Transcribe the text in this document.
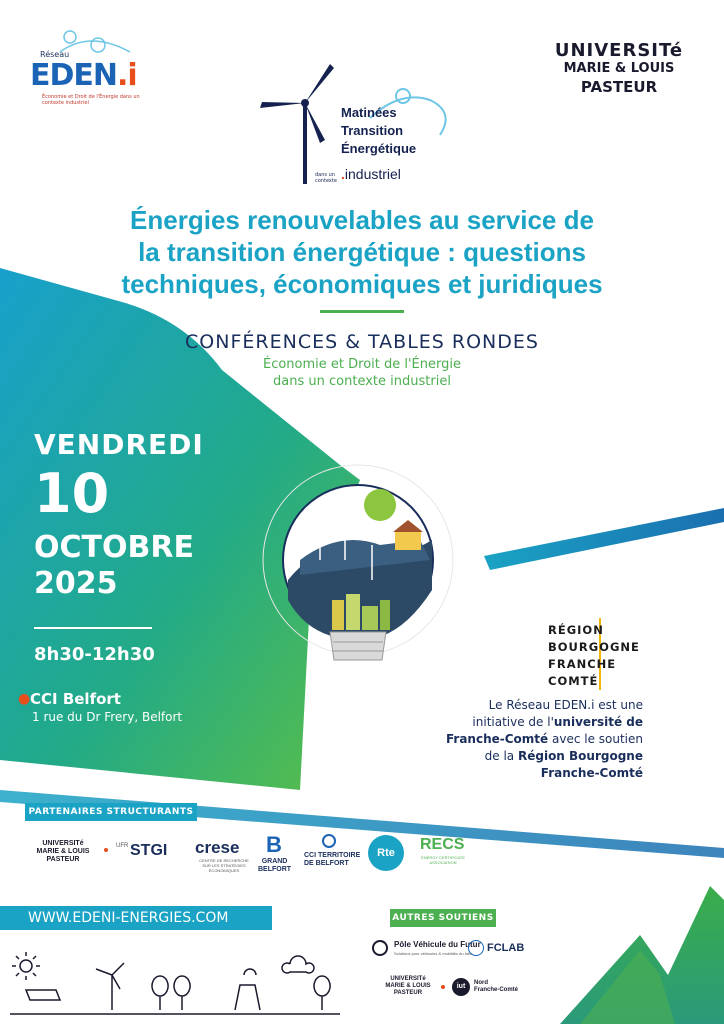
Réseau
EDEN.i
Économie et Droit de l'Énergie dans un contexte industriel
UNIVERSITé
MARIE & LOUIS
PASTEUR
Matinées
Transition
Énergétique
dans un contexte .industriel
Énergies renouvelables au service de
la transition énergétique : questions
techniques, économiques et juridiques
CONFÉRENCES & TABLES RONDES
Économie et Droit de l'Énergie
dans un contexte industriel
VENDREDI
10
OCTOBRE
2025
8h30-12h30
● CCI Belfort
1 rue du Dr Frery, Belfort
RÉGION
BOURGOGNE
FRANCHE
COMTÉ
Le Réseau EDEN.i est une
initiative de l'université de
Franche-Comté avec le soutien
de la Région Bourgogne
Franche-Comté
PARTENAIRES STRUCTURANTS
UNIVERSITé
MARIE & LOUIS
PASTEUR
UFR STGI crese
CENTRE DE RECHERCHE SUR LES STRATÉGIES ÉCONOMIQUES
B
GRAND
BELFORT
CCI TERRITOIRE
DE BELFORT
Rte	RECS
ENERGY CERTIFICATE ASSOCIATION
WWW.EDENI-ENERGIES.COM	AUTRES SOUTIENS
Pôle Véhicule du Futur
Solutions pour véhicules & mobilités du futur FCLAB
UNIVERSITé
MARIE & LOUIS
PASTEUR
iut	Nord
Franche-Comté
